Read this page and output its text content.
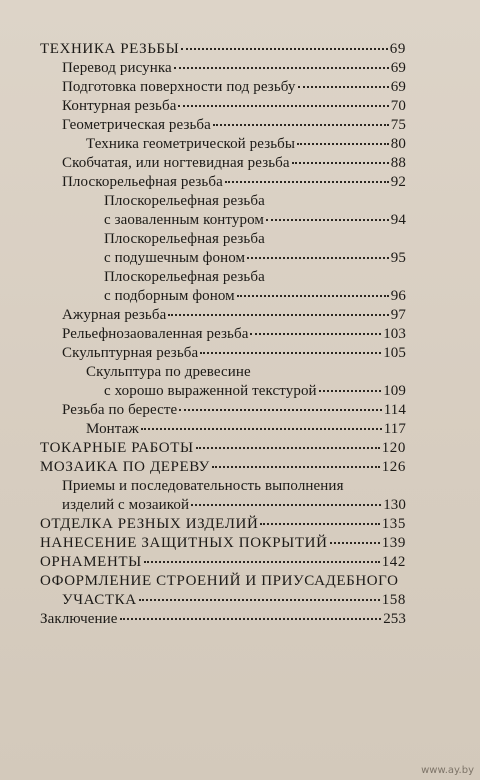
ТЕХНИКА РЕЗЬБЫ	69
Перевод рисунка	69
Подготовка поверхности под резьбу	69
Контурная резьба	70
Геометрическая резьба	75
Техника геометрической резьбы	80
Скобчатая, или ногтевидная резьба	88
Плоскорельефная резьба	92
Плоскорельефная резьба
с заоваленным контуром	94
Плоскорельефная резьба
с подушечным фоном	95
Плоскорельефная резьба
с подборным фоном	96
Ажурная резьба	97
Рельефнозаоваленная резьба	103
Скульптурная резьба	105
Скульптура по древесине
с хорошо выраженной текстурой	109
Резьба по бересте	114
Монтаж	117
ТОКАРНЫЕ РАБОТЫ	120
МОЗАИКА ПО ДЕРЕВУ	126
Приемы и последовательность выполнения
изделий с мозаикой	130
ОТДЕЛКА РЕЗНЫХ ИЗДЕЛИЙ	135
НАНЕСЕНИЕ ЗАЩИТНЫХ ПОКРЫТИЙ	139
ОРНАМЕНТЫ	142
ОФОРМЛЕНИЕ СТРОЕНИЙ И ПРИУСАДЕБНОГО
УЧАСТКА	158
Заключение	253
www.ay.by
